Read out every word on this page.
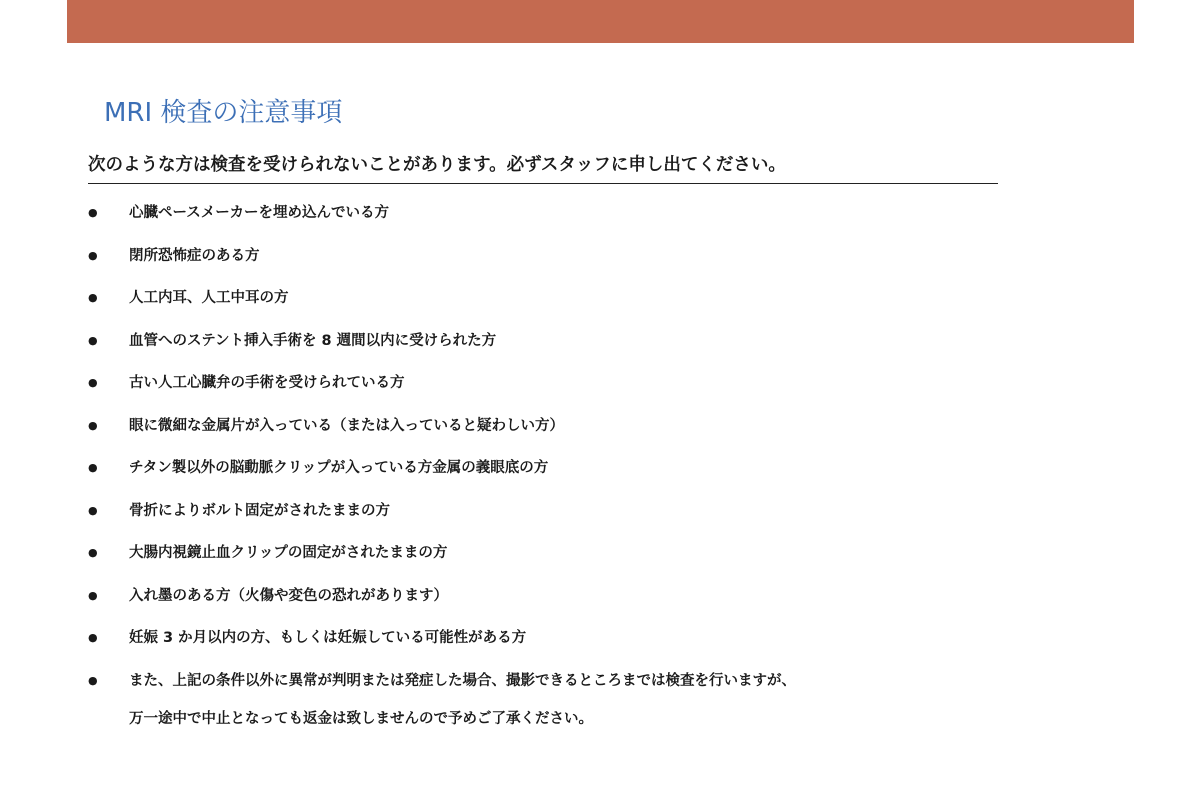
MRI 検査の注意事項

次のような方は検査を受けられないことがあります。必ずスタッフに申し出てください。

● 心臓ペースメーカーを埋め込んでいる方
● 閉所恐怖症のある方
● 人工内耳、人工中耳の方
● 血管へのステント挿入手術を 8 週間以内に受けられた方
● 古い人工心臓弁の手術を受けられている方
● 眼に微細な金属片が入っている（または入っていると疑わしい方）
● チタン製以外の脳動脈クリップが入っている方金属の義眼底の方
● 骨折によりボルト固定がされたままの方
● 大腸内視鏡止血クリップの固定がされたままの方
● 入れ墨のある方（火傷や変色の恐れがあります）
● 妊娠 3 か月以内の方、もしくは妊娠している可能性がある方
● また、上記の条件以外に異常が判明または発症した場合、撮影できるところまでは検査を行いますが、
万一途中で中止となっても返金は致しませんので予めご了承ください。
